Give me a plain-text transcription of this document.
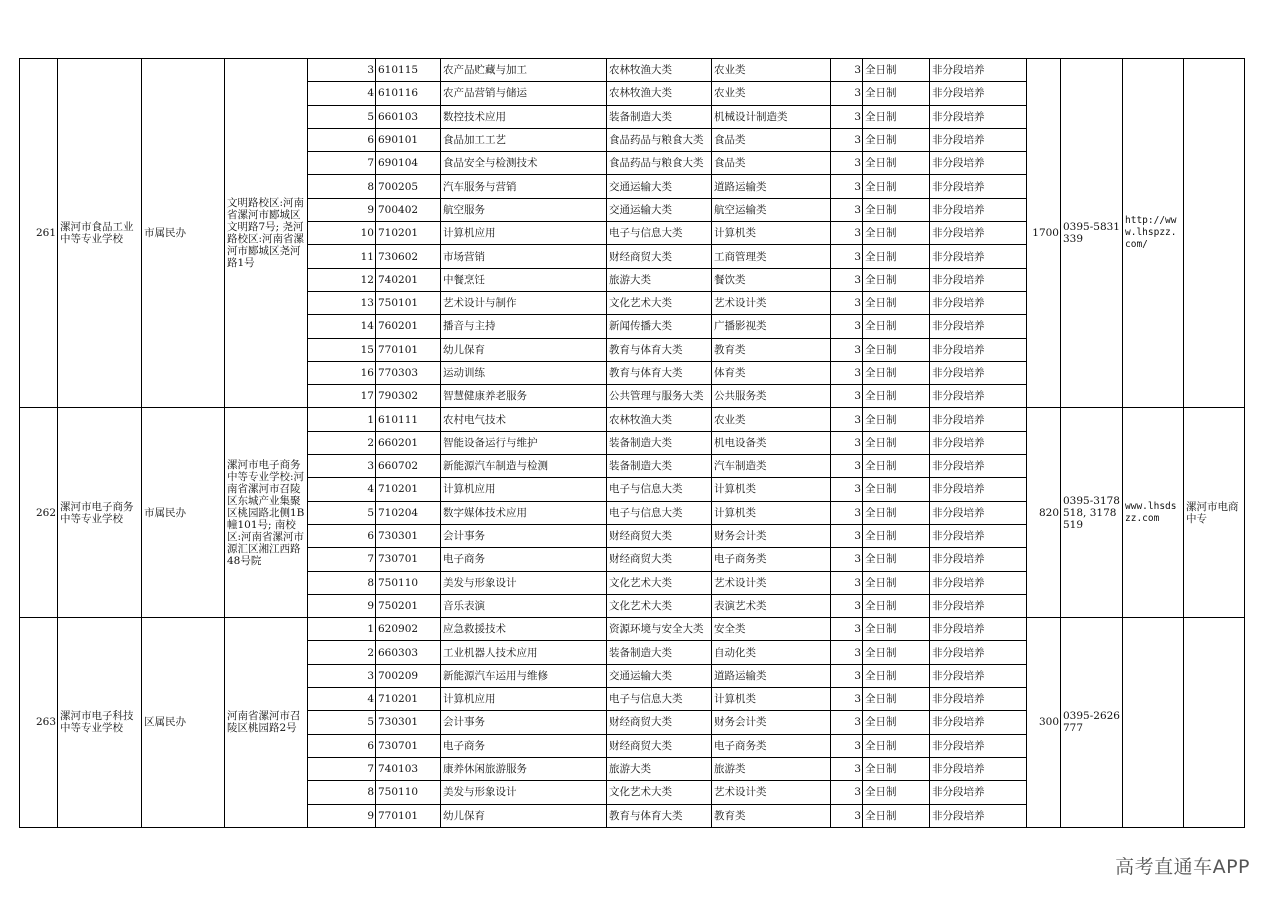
261	漯河市食品工业中等专业学校	市属民办	文明路校区:河南省漯河市郾城区文明路7号; 尧河路校区:河南省漯河市郾城区尧河路1号	3	610115	农产品贮藏与加工	农林牧渔大类	农业类	3	全日制	非分段培养	1700	0395-5831339	http://www.lhspzz.com/	
				4	610116	农产品营销与储运	农林牧渔大类	农业类	3	全日制	非分段培养				
				5	660103	数控技术应用	装备制造大类	机械设计制造类	3	全日制	非分段培养				
				6	690101	食品加工工艺	食品药品与粮食大类	食品类	3	全日制	非分段培养				
				7	690104	食品安全与检测技术	食品药品与粮食大类	食品类	3	全日制	非分段培养				
				8	700205	汽车服务与营销	交通运输大类	道路运输类	3	全日制	非分段培养				
				9	700402	航空服务	交通运输大类	航空运输类	3	全日制	非分段培养				
				10	710201	计算机应用	电子与信息大类	计算机类	3	全日制	非分段培养				
				11	730602	市场营销	财经商贸大类	工商管理类	3	全日制	非分段培养				
				12	740201	中餐烹饪	旅游大类	餐饮类	3	全日制	非分段培养				
				13	750101	艺术设计与制作	文化艺术大类	艺术设计类	3	全日制	非分段培养				
				14	760201	播音与主持	新闻传播大类	广播影视类	3	全日制	非分段培养				
				15	770101	幼儿保育	教育与体育大类	教育类	3	全日制	非分段培养				
				16	770303	运动训练	教育与体育大类	体育类	3	全日制	非分段培养				
				17	790302	智慧健康养老服务	公共管理与服务大类	公共服务类	3	全日制	非分段培养				
262	漯河市电子商务中等专业学校	市属民办	漯河市电子商务中等专业学校:河南省漯河市召陵区东城产业集聚区桃园路北侧1B幢101号; 南校区:河南省漯河市源汇区湘江西路48号院	1	610111	农村电气技术	农林牧渔大类	农业类	3	全日制	非分段培养	820	0395-3178518, 3178519	www.lhsdszz.com	漯河市电商中专
				2	660201	智能设备运行与维护	装备制造大类	机电设备类	3	全日制	非分段培养				
				3	660702	新能源汽车制造与检测	装备制造大类	汽车制造类	3	全日制	非分段培养				
				4	710201	计算机应用	电子与信息大类	计算机类	3	全日制	非分段培养				
				5	710204	数字媒体技术应用	电子与信息大类	计算机类	3	全日制	非分段培养				
				6	730301	会计事务	财经商贸大类	财务会计类	3	全日制	非分段培养				
				7	730701	电子商务	财经商贸大类	电子商务类	3	全日制	非分段培养				
				8	750110	美发与形象设计	文化艺术大类	艺术设计类	3	全日制	非分段培养				
				9	750201	音乐表演	文化艺术大类	表演艺术类	3	全日制	非分段培养				
263	漯河市电子科技中等专业学校	区属民办	河南省漯河市召陵区桃园路2号	1	620902	应急救援技术	资源环境与安全大类	安全类	3	全日制	非分段培养	300	0395-2626777		
				2	660303	工业机器人技术应用	装备制造大类	自动化类	3	全日制	非分段培养				
				3	700209	新能源汽车运用与维修	交通运输大类	道路运输类	3	全日制	非分段培养				
				4	710201	计算机应用	电子与信息大类	计算机类	3	全日制	非分段培养				
				5	730301	会计事务	财经商贸大类	财务会计类	3	全日制	非分段培养				
				6	730701	电子商务	财经商贸大类	电子商务类	3	全日制	非分段培养				
				7	740103	康养休闲旅游服务	旅游大类	旅游类	3	全日制	非分段培养				
				8	750110	美发与形象设计	文化艺术大类	艺术设计类	3	全日制	非分段培养				
				9	770101	幼儿保育	教育与体育大类	教育类	3	全日制	非分段培养				
高考直通车APP
